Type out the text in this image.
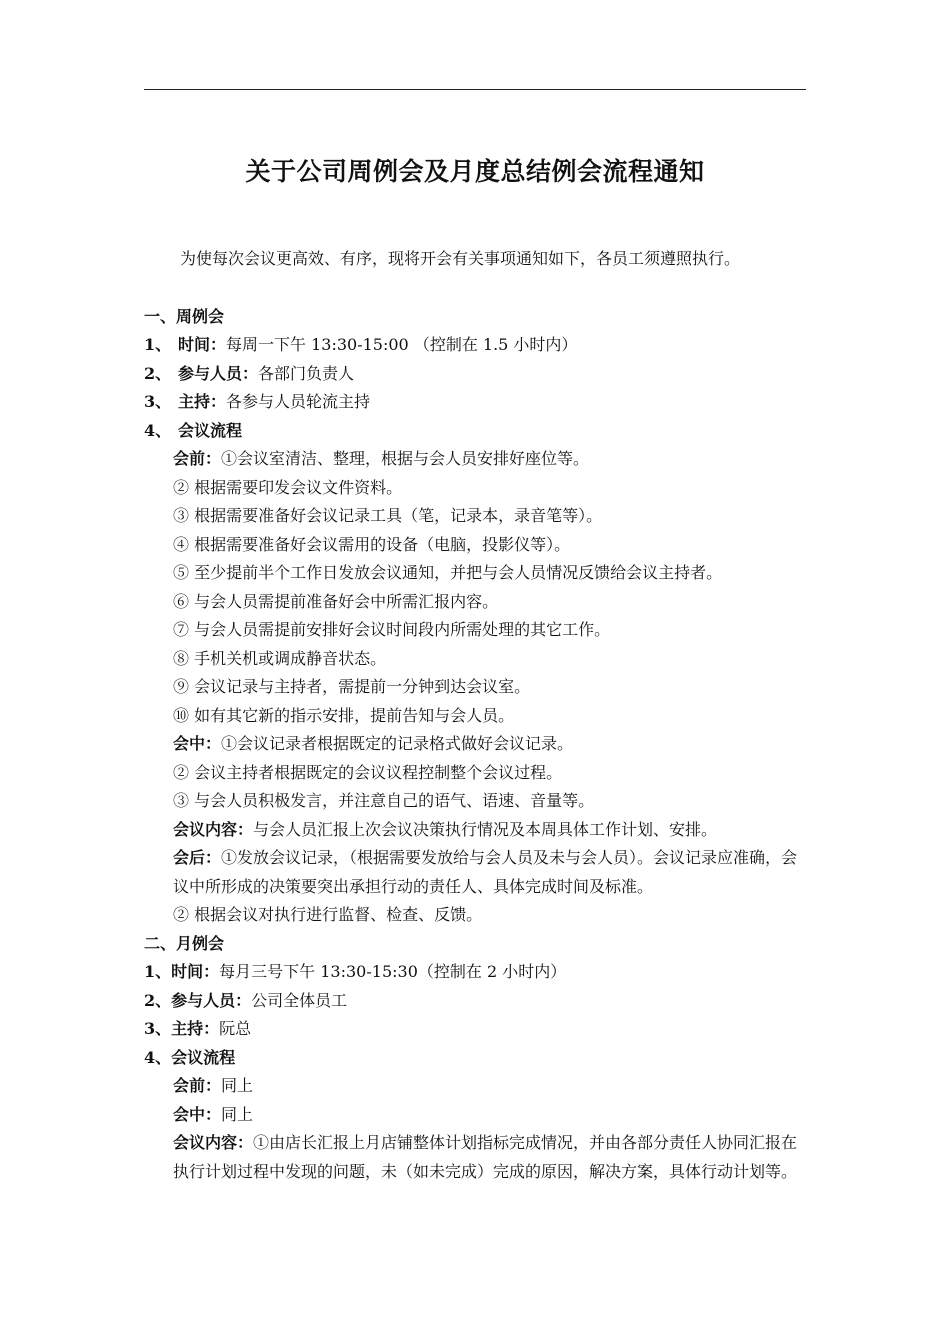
关于公司周例会及月度总结例会流程通知

为使每次会议更高效、有序，现将开会有关事项通知如下，各员工须遵照执行。

一、周例会

1、 时间：每周一下午 13:30-15:00 （控制在 1.5 小时内）

2、 参与人员：各部门负责人

3、 主持：各参与人员轮流主持

4、 会议流程

会前：①会议室清洁、整理，根据与会人员安排好座位等。

② 根据需要印发会议文件资料。

③ 根据需要准备好会议记录工具（笔，记录本，录音笔等）。

④ 根据需要准备好会议需用的设备（电脑，投影仪等）。

⑤ 至少提前半个工作日发放会议通知，并把与会人员情况反馈给会议主持者。

⑥ 与会人员需提前准备好会中所需汇报内容。

⑦ 与会人员需提前安排好会议时间段内所需处理的其它工作。

⑧ 手机关机或调成静音状态。

⑨ 会议记录与主持者，需提前一分钟到达会议室。

⑩ 如有其它新的指示安排，提前告知与会人员。

会中：①会议记录者根据既定的记录格式做好会议记录。

② 会议主持者根据既定的会议议程控制整个会议过程。

③ 与会人员积极发言，并注意自己的语气、语速、音量等。

会议内容：与会人员汇报上次会议决策执行情况及本周具体工作计划、安排。

会后：①发放会议记录，（根据需要发放给与会人员及未与会人员）。会议记录应准确，会议中所形成的决策要突出承担行动的责任人、具体完成时间及标准。

② 根据会议对执行进行监督、检查、反馈。

二、月例会

1、时间：每月三号下午 13:30-15:30（控制在 2 小时内）

2、参与人员：公司全体员工

3、主持：阮总

4、会议流程

会前：同上

会中：同上

会议内容：①由店长汇报上月店铺整体计划指标完成情况，并由各部分责任人协同汇报在执行计划过程中发现的问题，未（如未完成）完成的原因，解决方案，具体行动计划等。
